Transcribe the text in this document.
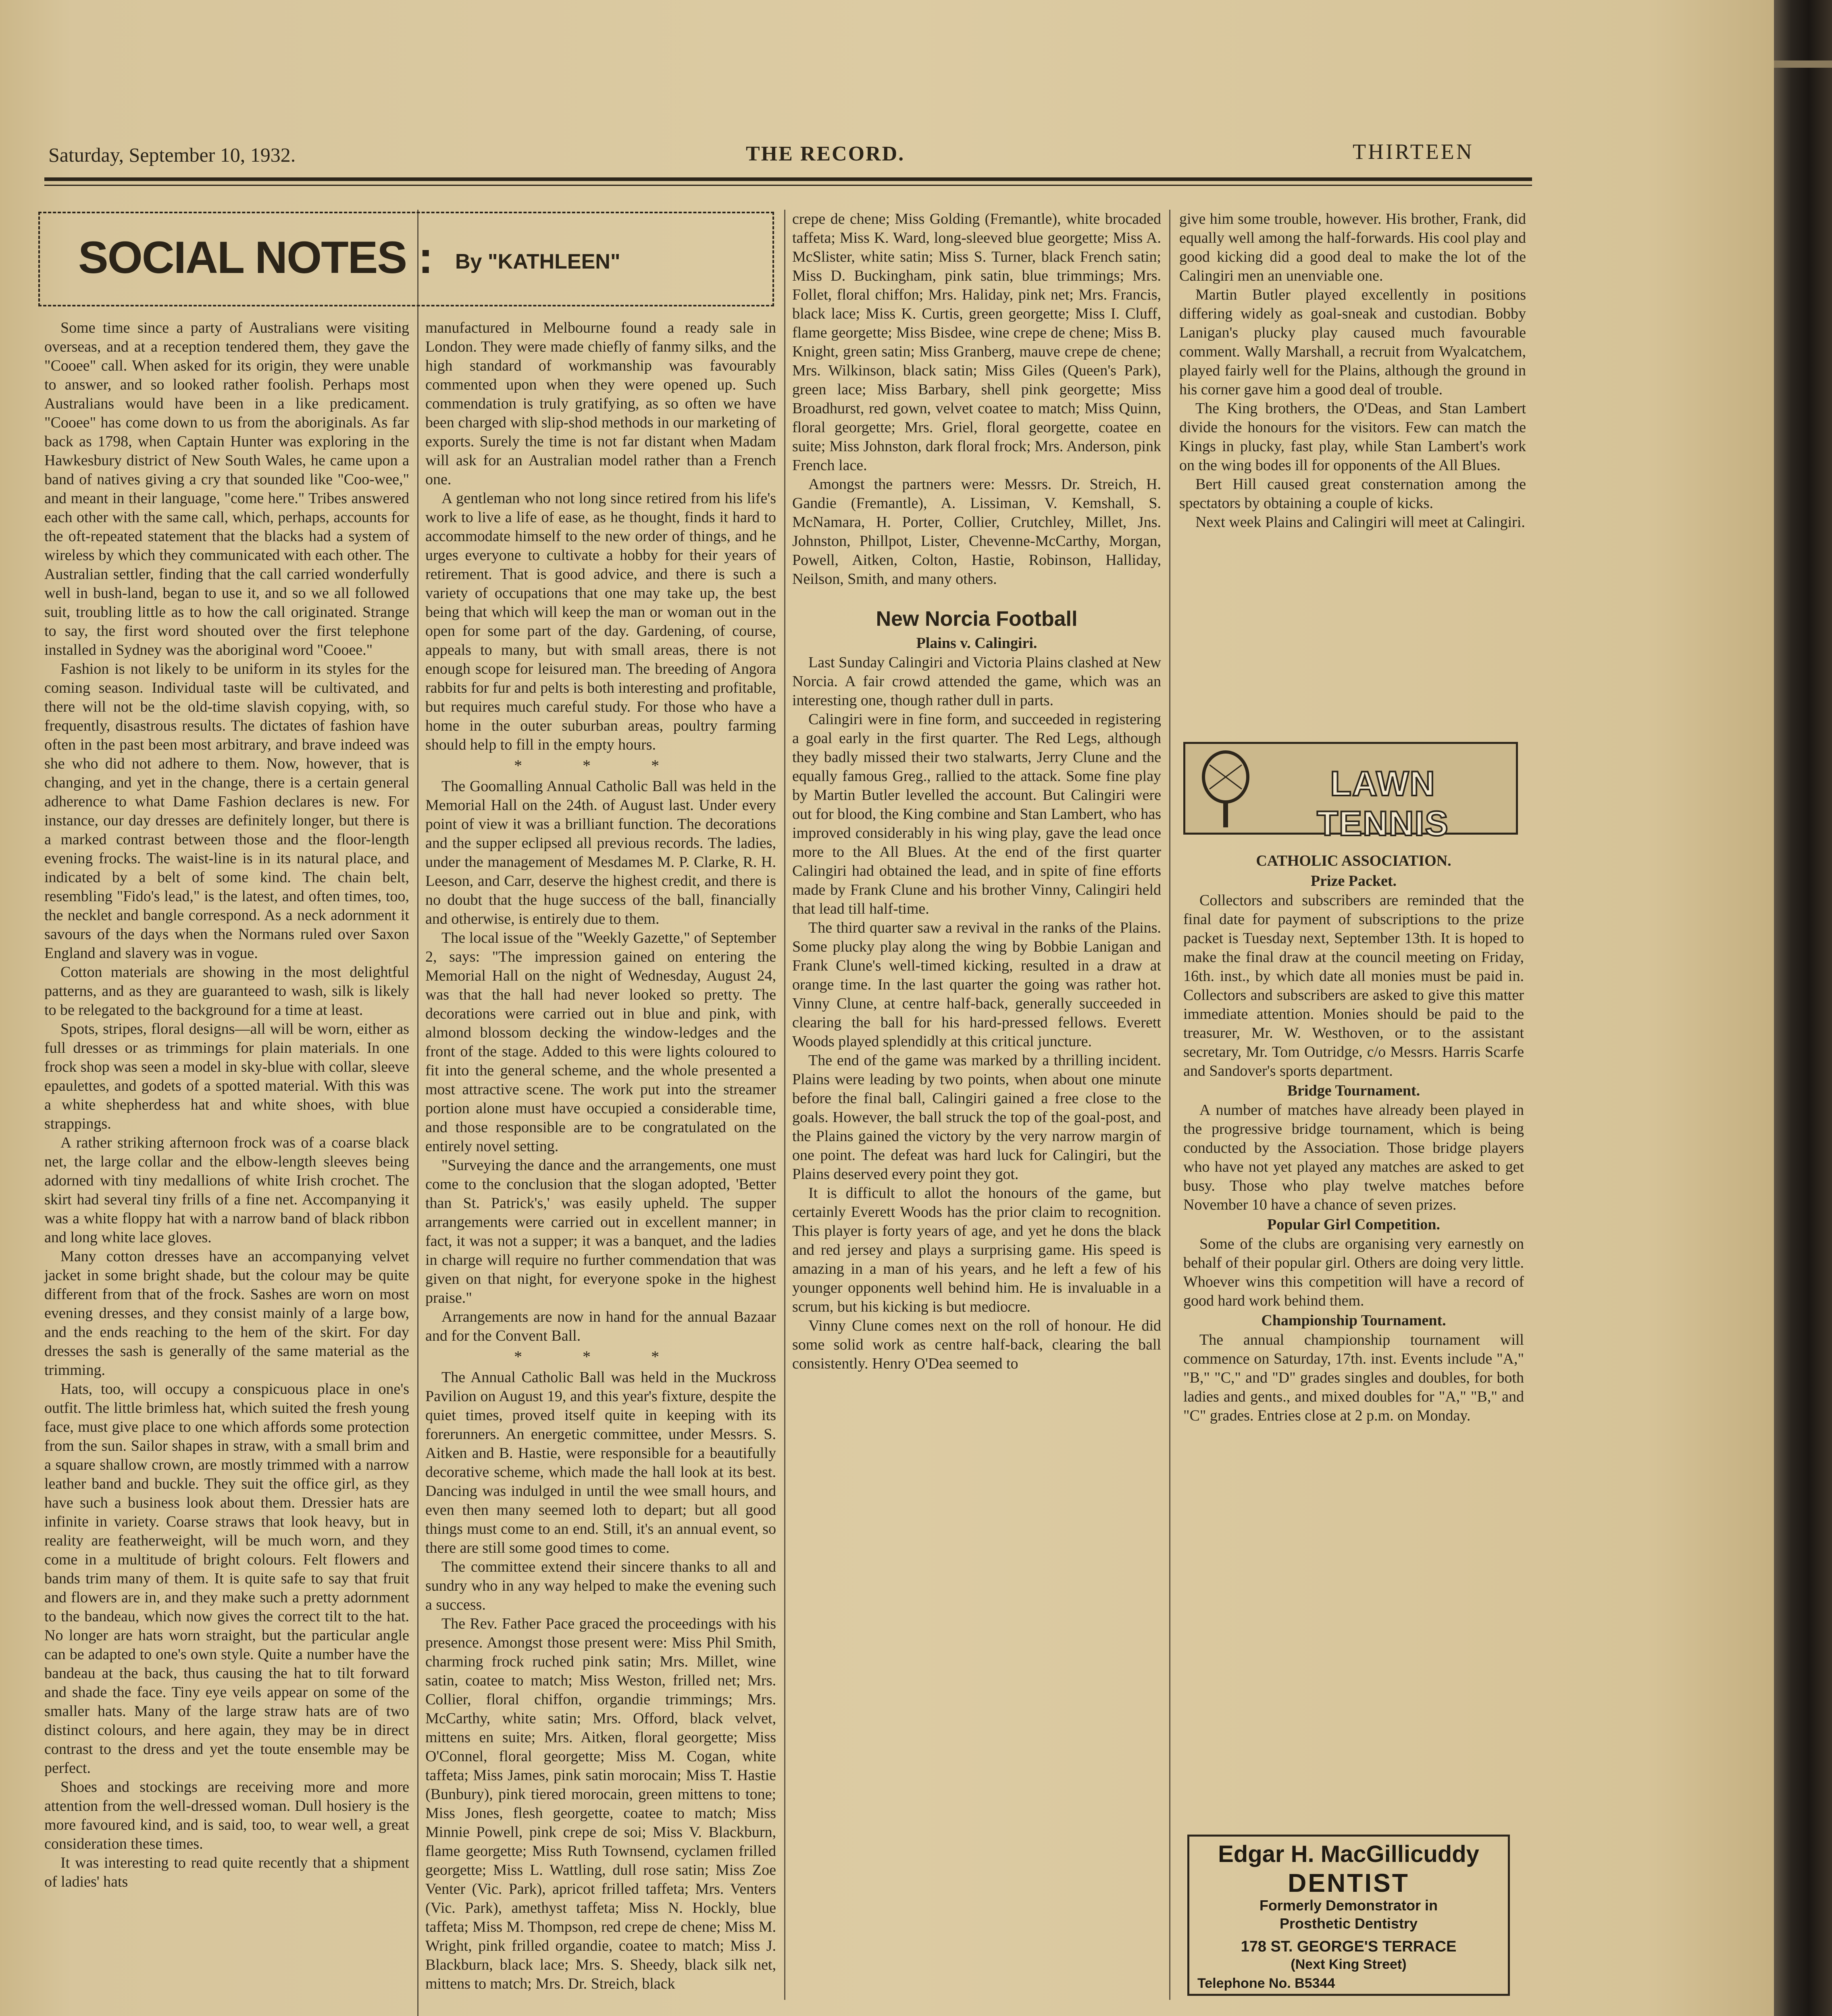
Saturday, September 10, 1932.	THE RECORD.	THIRTEEN
SOCIAL NOTES : By "KATHLEEN"

Some time since a party of Australians were visiting overseas, and at a reception tendered them, they gave the "Cooee" call. When asked for its origin, they were unable to answer, and so looked rather foolish. Perhaps most Australians would have been in a like predicament. "Cooee" has come down to us from the aboriginals. As far back as 1798, when Captain Hunter was exploring in the Hawkesbury district of New South Wales, he came upon a band of natives giving a cry that sounded like "Coo-wee," and meant in their language, "come here." Tribes answered each other with the same call, which, perhaps, accounts for the oft-repeated statement that the blacks had a system of wireless by which they communicated with each other. The Australian settler, finding that the call carried wonderfully well in bush-land, began to use it, and so we all followed suit, troubling little as to how the call originated. Strange to say, the first word shouted over the first telephone installed in Sydney was the aboriginal word "Cooee."

Fashion is not likely to be uniform in its styles for the coming season. Individual taste will be cultivated, and there will not be the old-time slavish copying, with, so frequently, disastrous results. The dictates of fashion have often in the past been most arbitrary, and brave indeed was she who did not adhere to them. Now, however, that is changing, and yet in the change, there is a certain general adherence to what Dame Fashion declares is new. For instance, our day dresses are definitely longer, but there is a marked contrast between those and the floor-length evening frocks. The waist-line is in its natural place, and indicated by a belt of some kind. The chain belt, resembling "Fido's lead," is the latest, and often times, too, the necklet and bangle correspond. As a neck adornment it savours of the days when the Normans ruled over Saxon England and slavery was in vogue.

Cotton materials are showing in the most delightful patterns, and as they are guaranteed to wash, silk is likely to be relegated to the background for a time at least.

Spots, stripes, floral designs—all will be worn, either as full dresses or as trimmings for plain materials. In one frock shop was seen a model in sky-blue with collar, sleeve epaulettes, and godets of a spotted material. With this was a white shepherdess hat and white shoes, with blue strappings.

A rather striking afternoon frock was of a coarse black net, the large collar and the elbow-length sleeves being adorned with tiny medallions of white Irish crochet. The skirt had several tiny frills of a fine net. Accompanying it was a white floppy hat with a narrow band of black ribbon and long white lace gloves.

Many cotton dresses have an accompanying velvet jacket in some bright shade, but the colour may be quite different from that of the frock. Sashes are worn on most evening dresses, and they consist mainly of a large bow, and the ends reaching to the hem of the skirt. For day dresses the sash is generally of the same material as the trimming.

Hats, too, will occupy a conspicuous place in one's outfit. The little brimless hat, which suited the fresh young face, must give place to one which affords some protection from the sun. Sailor shapes in straw, with a small brim and a square shallow crown, are mostly trimmed with a narrow leather band and buckle. They suit the office girl, as they have such a business look about them. Dressier hats are infinite in variety. Coarse straws that look heavy, but in reality are featherweight, will be much worn, and they come in a multitude of bright colours. Felt flowers and bands trim many of them. It is quite safe to say that fruit and flowers are in, and they make such a pretty adornment to the bandeau, which now gives the correct tilt to the hat. No longer are hats worn straight, but the particular angle can be adapted to one's own style. Quite a number have the bandeau at the back, thus causing the hat to tilt forward and shade the face. Tiny eye veils appear on some of the smaller hats. Many of the large straw hats are of two distinct colours, and here again, they may be in direct contrast to the dress and yet the toute ensemble may be perfect.

Shoes and stockings are receiving more and more attention from the well-dressed woman. Dull hosiery is the more favoured kind, and is said, too, to wear well, a great consideration these times.

It was interesting to read quite recently that a shipment of ladies' hats

manufactured in Melbourne found a ready sale in London. They were made chiefly of fanmy silks, and the high standard of workmanship was favourably commented upon when they were opened up. Such commendation is truly gratifying, as so often we have been charged with slip-shod methods in our marketing of exports. Surely the time is not far distant when Madam will ask for an Australian model rather than a French one.

A gentleman who not long since retired from his life's work to live a life of ease, as he thought, finds it hard to accommodate himself to the new order of things, and he urges everyone to cultivate a hobby for their years of retirement. That is good advice, and there is such a variety of occupations that one may take up, the best being that which will keep the man or woman out in the open for some part of the day. Gardening, of course, appeals to many, but with small areas, there is not enough scope for leisured man. The breeding of Angora rabbits for fur and pelts is both interesting and profitable, but requires much careful study. For those who have a home in the outer suburban areas, poultry farming should help to fill in the empty hours.

* * *

The Goomalling Annual Catholic Ball was held in the Memorial Hall on the 24th. of August last. Under every point of view it was a brilliant function. The decorations and the supper eclipsed all previous records. The ladies, under the management of Mesdames M. P. Clarke, R. H. Leeson, and Carr, deserve the highest credit, and there is no doubt that the huge success of the ball, financially and otherwise, is entirely due to them.

The local issue of the "Weekly Gazette," of September 2, says: "The impression gained on entering the Memorial Hall on the night of Wednesday, August 24, was that the hall had never looked so pretty. The decorations were carried out in blue and pink, with almond blossom decking the window-ledges and the front of the stage. Added to this were lights coloured to fit into the general scheme, and the whole presented a most attractive scene. The work put into the streamer portion alone must have occupied a considerable time, and those responsible are to be congratulated on the entirely novel setting.

"Surveying the dance and the arrangements, one must come to the conclusion that the slogan adopted, 'Better than St. Patrick's,' was easily upheld. The supper arrangements were carried out in excellent manner; in fact, it was not a supper; it was a banquet, and the ladies in charge will require no further commendation that was given on that night, for everyone spoke in the highest praise."

Arrangements are now in hand for the annual Bazaar and for the Convent Ball.

* * *

The Annual Catholic Ball was held in the Muckross Pavilion on August 19, and this year's fixture, despite the quiet times, proved itself quite in keeping with its forerunners. An energetic committee, under Messrs. S. Aitken and B. Hastie, were responsible for a beautifully decorative scheme, which made the hall look at its best. Dancing was indulged in until the wee small hours, and even then many seemed loth to depart; but all good things must come to an end. Still, it's an annual event, so there are still some good times to come.

The committee extend their sincere thanks to all and sundry who in any way helped to make the evening such a success.

The Rev. Father Pace graced the proceedings with his presence. Amongst those present were: Miss Phil Smith, charming frock ruched pink satin; Mrs. Millet, wine satin, coatee to match; Miss Weston, frilled net; Mrs. Collier, floral chiffon, organdie trimmings; Mrs. McCarthy, white satin; Mrs. Offord, black velvet, mittens en suite; Mrs. Aitken, floral georgette; Miss O'Connel, floral georgette; Miss M. Cogan, white taffeta; Miss James, pink satin morocain; Miss T. Hastie (Bunbury), pink tiered morocain, green mittens to tone; Miss Jones, flesh georgette, coatee to match; Miss Minnie Powell, pink crepe de soi; Miss V. Blackburn, flame georgette; Miss Ruth Townsend, cyclamen frilled georgette; Miss L. Wattling, dull rose satin; Miss Zoe Venter (Vic. Park), apricot frilled taffeta; Mrs. Venters (Vic. Park), amethyst taffeta; Miss N. Hockly, blue taffeta; Miss M. Thompson, red crepe de chene; Miss M. Wright, pink frilled organdie, coatee to match; Miss J. Blackburn, black lace; Mrs. S. Sheedy, black silk net, mittens to match; Mrs. Dr. Streich, black

crepe de chene; Miss Golding (Fremantle), white brocaded taffeta; Miss K. Ward, long-sleeved blue georgette; Miss A. McSlister, white satin; Miss S. Turner, black French satin; Miss D. Buckingham, pink satin, blue trimmings; Mrs. Follet, floral chiffon; Mrs. Haliday, pink net; Mrs. Francis, black lace; Miss K. Curtis, green georgette; Miss I. Cluff, flame georgette; Miss Bisdee, wine crepe de chene; Miss B. Knight, green satin; Miss Granberg, mauve crepe de chene; Mrs. Wilkinson, black satin; Miss Giles (Queen's Park), green lace; Miss Barbary, shell pink georgette; Miss Broadhurst, red gown, velvet coatee to match; Miss Quinn, floral georgette; Mrs. Griel, floral georgette, coatee en suite; Miss Johnston, dark floral frock; Mrs. Anderson, pink French lace.

Amongst the partners were: Messrs. Dr. Streich, H. Gandie (Fremantle), A. Lissiman, V. Kemshall, S. McNamara, H. Porter, Collier, Crutchley, Millet, Jns. Johnston, Phillpot, Lister, Chevenne-McCarthy, Morgan, Powell, Aitken, Colton, Hastie, Robinson, Halliday, Neilson, Smith, and many others.

New Norcia Football

Plains v. Calingiri.

Last Sunday Calingiri and Victoria Plains clashed at New Norcia. A fair crowd attended the game, which was an interesting one, though rather dull in parts.

Calingiri were in fine form, and succeeded in registering a goal early in the first quarter. The Red Legs, although they badly missed their two stalwarts, Jerry Clune and the equally famous Greg., rallied to the attack. Some fine play by Martin Butler levelled the account. But Calingiri were out for blood, the King combine and Stan Lambert, who has improved considerably in his wing play, gave the lead once more to the All Blues. At the end of the first quarter Calingiri had obtained the lead, and in spite of fine efforts made by Frank Clune and his brother Vinny, Calingiri held that lead till half-time.

The third quarter saw a revival in the ranks of the Plains. Some plucky play along the wing by Bobbie Lanigan and Frank Clune's well-timed kicking, resulted in a draw at orange time. In the last quarter the going was rather hot. Vinny Clune, at centre half-back, generally succeeded in clearing the ball for his hard-pressed fellows. Everett Woods played splendidly at this critical juncture.

The end of the game was marked by a thrilling incident. Plains were leading by two points, when about one minute before the final ball, Calingiri gained a free close to the goals. However, the ball struck the top of the goal-post, and the Plains gained the victory by the very narrow margin of one point. The defeat was hard luck for Calingiri, but the Plains deserved every point they got.

It is difficult to allot the honours of the game, but certainly Everett Woods has the prior claim to recognition. This player is forty years of age, and yet he dons the black and red jersey and plays a surprising game. His speed is amazing in a man of his years, and he left a few of his younger opponents well behind him. He is invaluable in a scrum, but his kicking is but mediocre.

Vinny Clune comes next on the roll of honour. He did some solid work as centre half-back, clearing the ball consistently. Henry O'Dea seemed to

give him some trouble, however. His brother, Frank, did equally well among the half-forwards. His cool play and good kicking did a good deal to make the lot of the Calingiri men an unenviable one.

Martin Butler played excellently in positions differing widely as goal-sneak and custodian. Bobby Lanigan's plucky play caused much favourable comment. Wally Marshall, a recruit from Wyalcatchem, played fairly well for the Plains, although the ground in his corner gave him a good deal of trouble.

The King brothers, the O'Deas, and Stan Lambert divide the honours for the visitors. Few can match the Kings in plucky, fast play, while Stan Lambert's work on the wing bodes ill for opponents of the All Blues.

Bert Hill caused great consternation among the spectators by obtaining a couple of kicks.

Next week Plains and Calingiri will meet at Calingiri.

LAWN TENNIS

CATHOLIC ASSOCIATION.

Prize Packet.

Collectors and subscribers are reminded that the final date for payment of subscriptions to the prize packet is Tuesday next, September 13th. It is hoped to make the final draw at the council meeting on Friday, 16th. inst., by which date all monies must be paid in. Collectors and subscribers are asked to give this matter immediate attention. Monies should be paid to the treasurer, Mr. W. Westhoven, or to the assistant secretary, Mr. Tom Outridge, c/o Messrs. Harris Scarfe and Sandover's sports department.

Bridge Tournament.

A number of matches have already been played in the progressive bridge tournament, which is being conducted by the Association. Those bridge players who have not yet played any matches are asked to get busy. Those who play twelve matches before November 10 have a chance of seven prizes.

Popular Girl Competition.

Some of the clubs are organising very earnestly on behalf of their popular girl. Others are doing very little. Whoever wins this competition will have a record of good hard work behind them.

Championship Tournament.

The annual championship tournament will commence on Saturday, 17th. inst. Events include "A," "B," "C," and "D" grades singles and doubles, for both ladies and gents., and mixed doubles for "A," "B," and "C" grades. Entries close at 2 p.m. on Monday.

Edgar H. MacGillicuddy
DENTIST
Formerly Demonstrator in
Prosthetic Dentistry
178 ST. GEORGE'S TERRACE
(Next King Street)
Telephone No. B5344
